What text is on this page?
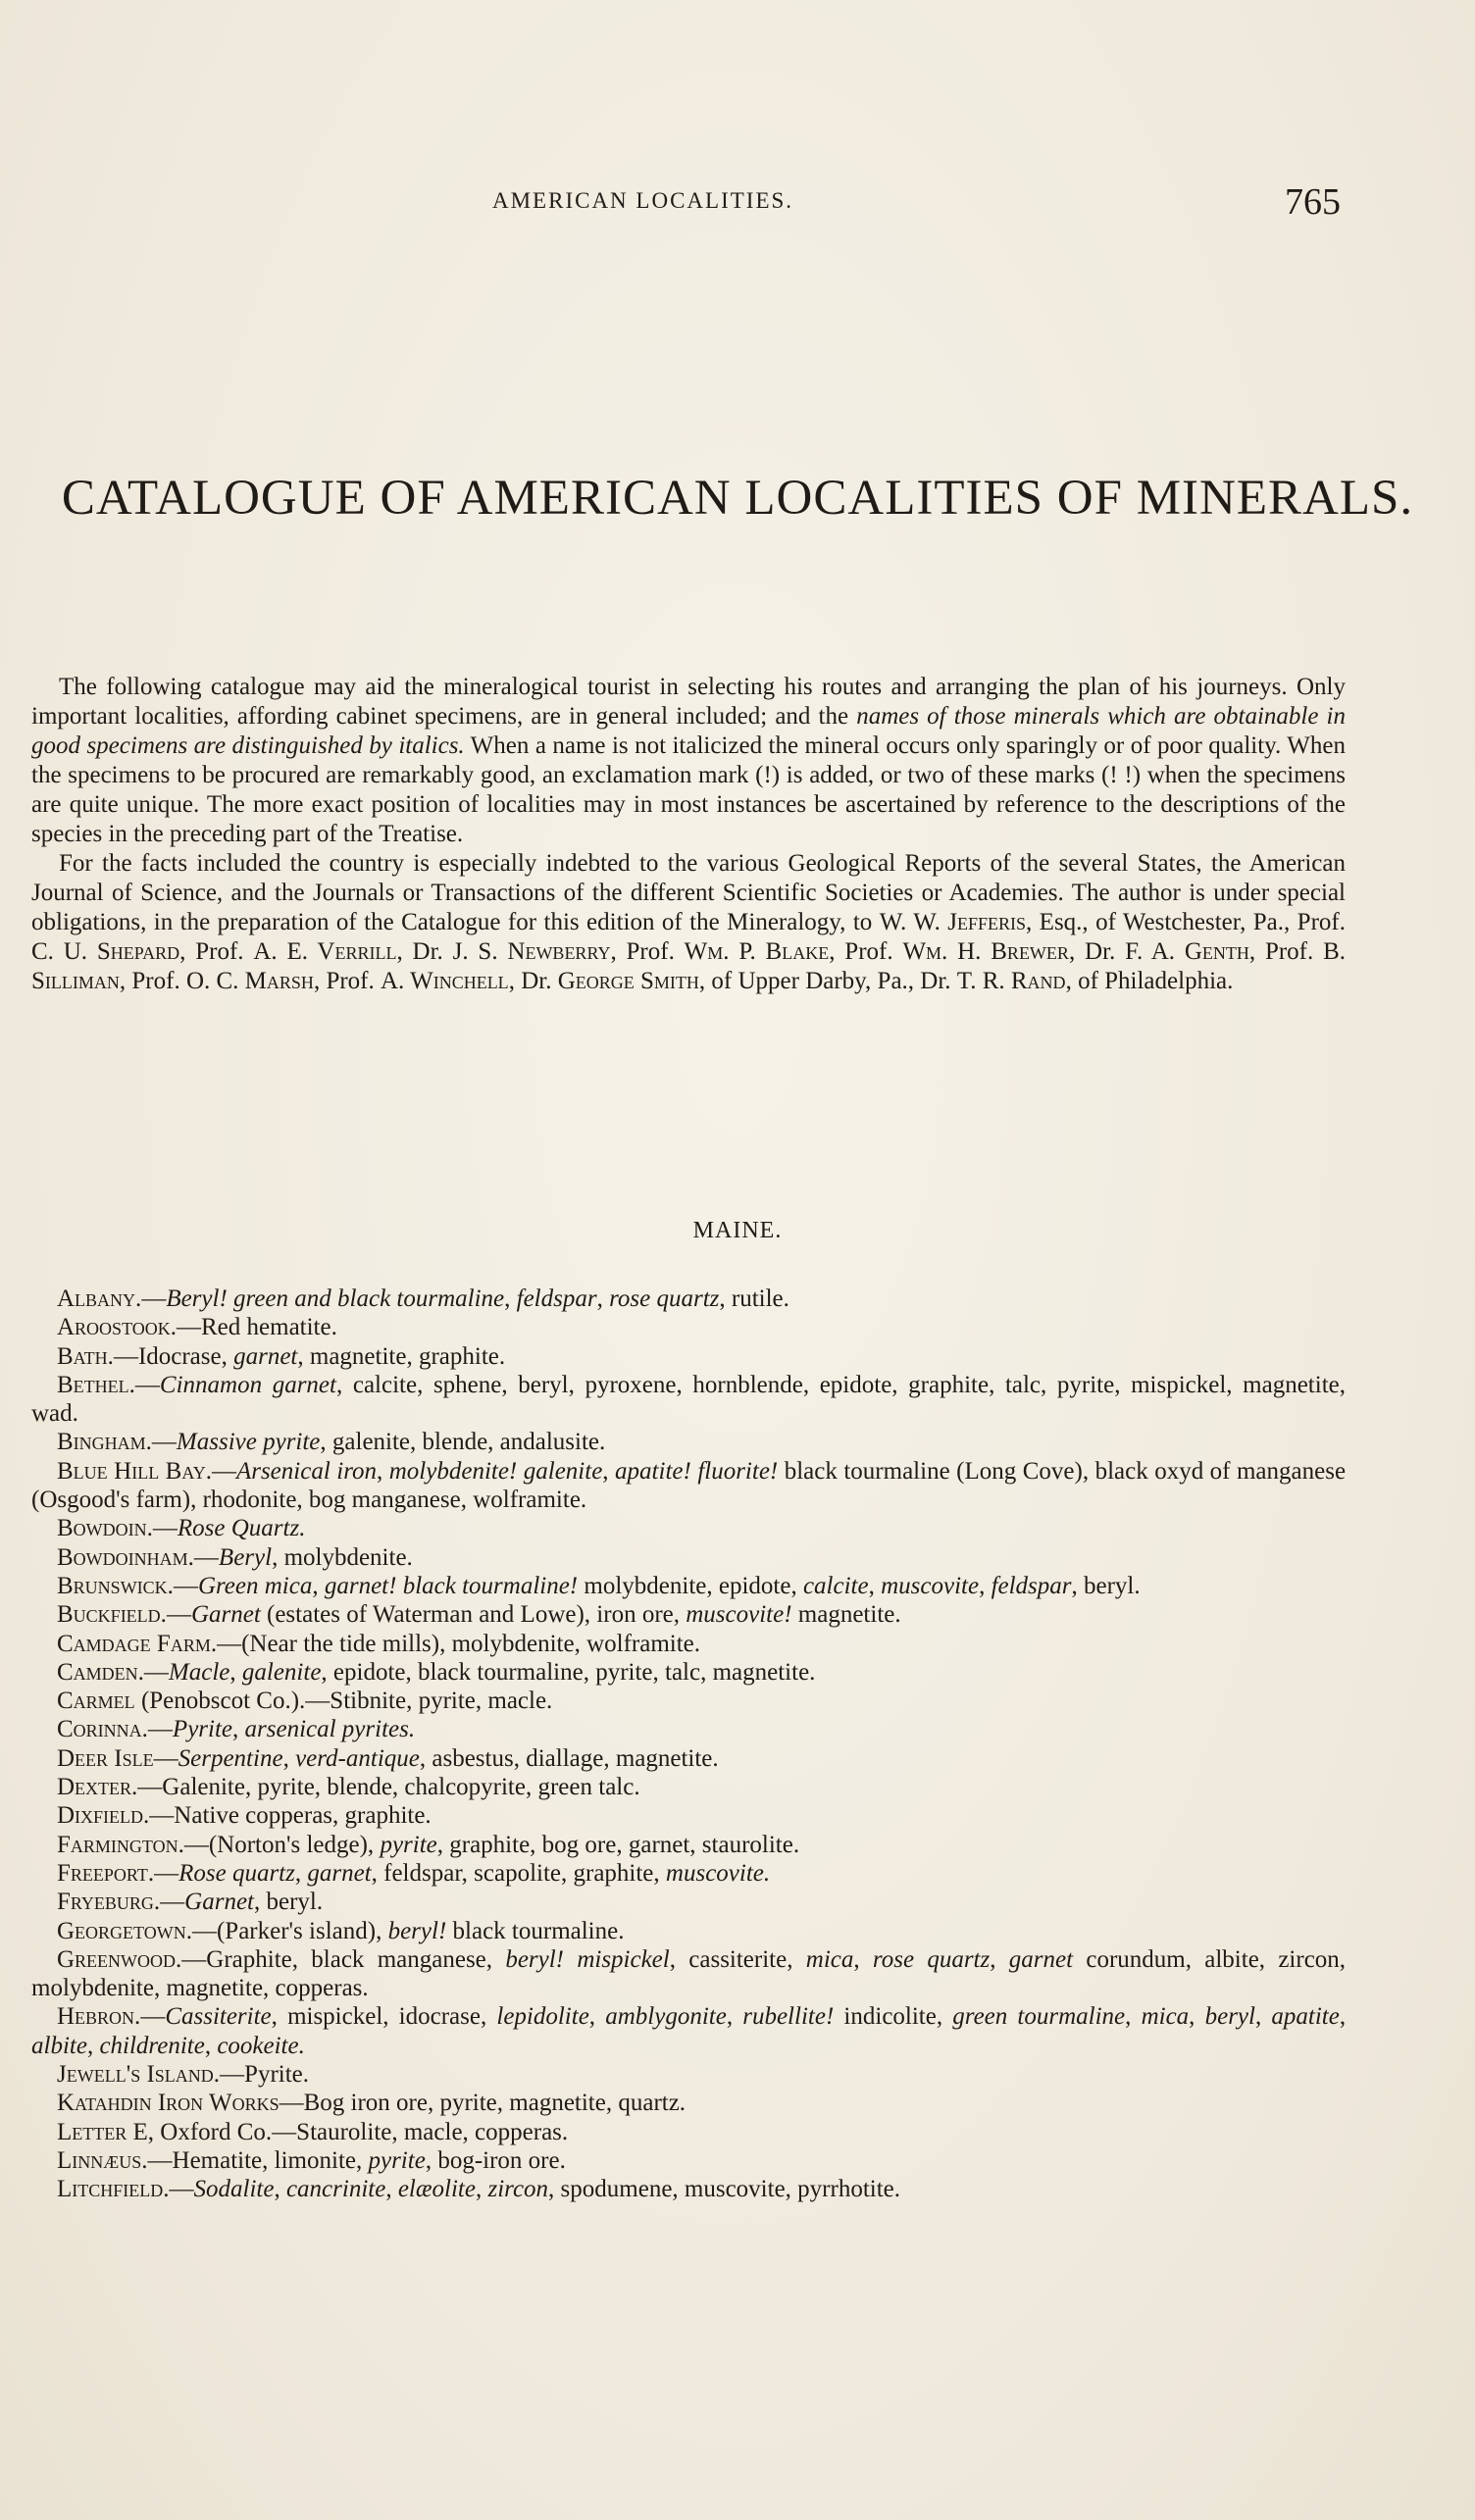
AMERICAN LOCALITIES.	765
CATALOGUE OF AMERICAN LOCALITIES OF MINERALS.

The following catalogue may aid the mineralogical tourist in selecting his routes and arranging the plan of his journeys. Only important localities, affording cabinet specimens, are in general included; and the names of those minerals which are obtainable in good specimens are distinguished by italics. When a name is not italicized the mineral occurs only sparingly or of poor quality. When the specimens to be procured are remarkably good, an exclamation mark (!) is added, or two of these marks (! !) when the specimens are quite unique. The more exact position of localities may in most instances be ascertained by reference to the descriptions of the species in the preceding part of the Treatise.

For the facts included the country is especially indebted to the various Geological Reports of the several States, the American Journal of Science, and the Journals or Transactions of the different Scientific Societies or Academies. The author is under special obligations, in the preparation of the Catalogue for this edition of the Mineralogy, to W. W. Jefferis, Esq., of Westchester, Pa., Prof. C. U. Shepard, Prof. A. E. Verrill, Dr. J. S. Newberry, Prof. Wm. P. Blake, Prof. Wm. H. Brewer, Dr. F. A. Genth, Prof. B. Silliman, Prof. O. C. Marsh, Prof. A. Winchell, Dr. George Smith, of Upper Darby, Pa., Dr. T. R. Rand, of Philadelphia.

MAINE.
Albany.—Beryl! green and black tourmaline, feldspar, rose quartz, rutile.
Aroostook.—Red hematite.
Bath.—Idocrase, garnet, magnetite, graphite.
Bethel.—Cinnamon garnet, calcite, sphene, beryl, pyroxene, hornblende, epidote, graphite, talc, pyrite, mispickel, magnetite, wad.
Bingham.—Massive pyrite, galenite, blende, andalusite.
Blue Hill Bay.—Arsenical iron, molybdenite! galenite, apatite! fluorite! black tourmaline (Long Cove), black oxyd of manganese (Osgood's farm), rhodonite, bog manganese, wolframite.
Bowdoin.—Rose Quartz.
Bowdoinham.—Beryl, molybdenite.
Brunswick.—Green mica, garnet! black tourmaline! molybdenite, epidote, calcite, muscovite, feldspar, beryl.
Buckfield.—Garnet (estates of Waterman and Lowe), iron ore, muscovite! magnetite.
Camdage Farm.—(Near the tide mills), molybdenite, wolframite.
Camden.—Macle, galenite, epidote, black tourmaline, pyrite, talc, magnetite.
Carmel (Penobscot Co.).—Stibnite, pyrite, macle.
Corinna.—Pyrite, arsenical pyrites.
Deer Isle—Serpentine, verd-antique, asbestus, diallage, magnetite.
Dexter.—Galenite, pyrite, blende, chalcopyrite, green talc.
Dixfield.—Native copperas, graphite.
Farmington.—(Norton's ledge), pyrite, graphite, bog ore, garnet, staurolite.
Freeport.—Rose quartz, garnet, feldspar, scapolite, graphite, muscovite.
Fryeburg.—Garnet, beryl.
Georgetown.—(Parker's island), beryl! black tourmaline.
Greenwood.—Graphite, black manganese, beryl! mispickel, cassiterite, mica, rose quartz, garnet corundum, albite, zircon, molybdenite, magnetite, copperas.
Hebron.—Cassiterite, mispickel, idocrase, lepidolite, amblygonite, rubellite! indicolite, green tourmaline, mica, beryl, apatite, albite, childrenite, cookeite.
Jewell's Island.—Pyrite.
Katahdin Iron Works—Bog iron ore, pyrite, magnetite, quartz.
Letter E, Oxford Co.—Staurolite, macle, copperas.
Linnæus.—Hematite, limonite, pyrite, bog-iron ore.
Litchfield.—Sodalite, cancrinite, elæolite, zircon, spodumene, muscovite, pyrrhotite.
